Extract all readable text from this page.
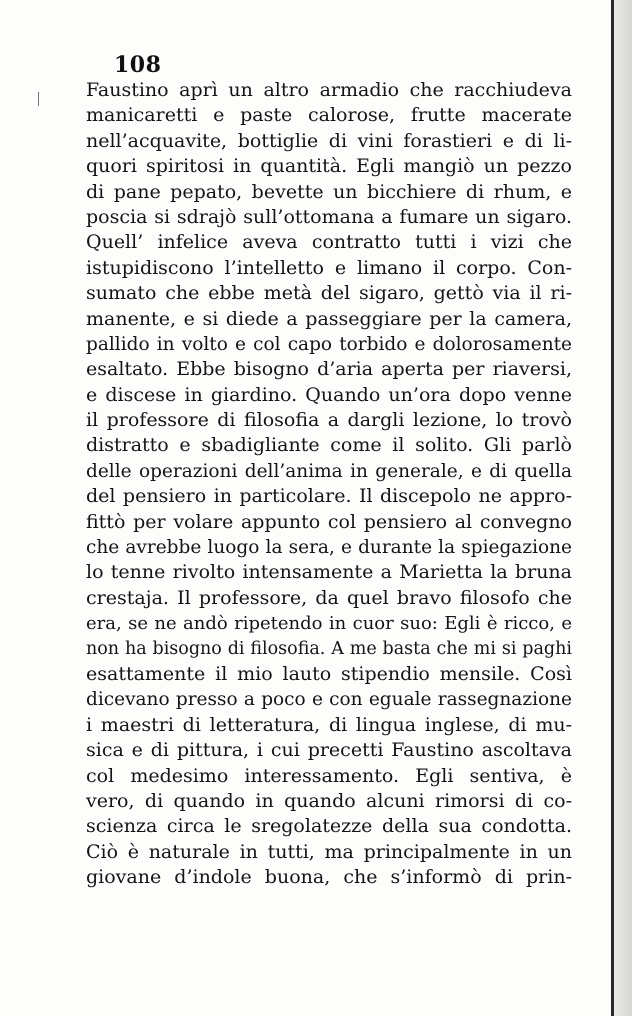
108
Faustino aprì un altro armadio che racchiudeva
manicaretti e paste calorose, frutte macerate
nell’acquavite, bottiglie di vini forastieri e di li-
quori spiritosi in quantità. Egli mangiò un pezzo
di pane pepato, bevette un bicchiere di rhum, e
poscia si sdrajò sull’ottomana a fumare un sigaro.
Quell’ infelice aveva contratto tutti i vizi che
istupidiscono l’intelletto e limano il corpo. Con-
sumato che ebbe metà del sigaro, gettò via il ri-
manente, e si diede a passeggiare per la camera,
pallido in volto e col capo torbido e dolorosamente
esaltato. Ebbe bisogno d’aria aperta per riaversi,
e discese in giardino. Quando un’ora dopo venne
il professore di filosofia a dargli lezione, lo trovò
distratto e sbadigliante come il solito. Gli parlò
delle operazioni dell’anima in generale, e di quella
del pensiero in particolare. Il discepolo ne appro-
fittò per volare appunto col pensiero al convegno
che avrebbe luogo la sera, e durante la spiegazione
lo tenne rivolto intensamente a Marietta la bruna
crestaja. Il professore, da quel bravo filosofo che
era, se ne andò ripetendo in cuor suo: Egli è ricco, e
non ha bisogno di filosofia. A me basta che mi si paghi
esattamente il mio lauto stipendio mensile. Così
dicevano presso a poco e con eguale rassegnazione
i maestri di letteratura, di lingua inglese, di mu-
sica e di pittura, i cui precetti Faustino ascoltava
col medesimo interessamento. Egli sentiva, è
vero, di quando in quando alcuni rimorsi di co-
scienza circa le sregolatezze della sua condotta.
Ciò è naturale in tutti, ma principalmente in un
giovane d’indole buona, che s’informò di prin-
